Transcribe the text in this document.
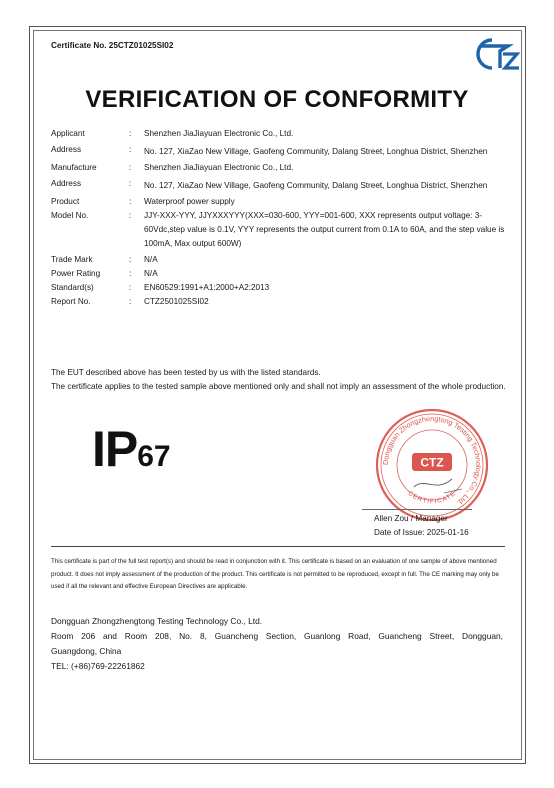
Certificate No. 25CTZ01025SI02
VERIFICATION OF CONFORMITY
Applicant	:	Shenzhen JiaJiayuan Electronic Co., Ltd.
Address	:	No. 127, XiaZao New Village, Gaofeng Community, Dalang Street, Longhua District, Shenzhen
Manufacture	:	Shenzhen JiaJiayuan Electronic Co., Ltd.
Address	:	No. 127, XiaZao New Village, Gaofeng Community, Dalang Street, Longhua District, Shenzhen
Product	:	Waterproof power supply
Model No.	:	JJY-XXX-YYY, JJYXXXYYY(XXX=030-600, YYY=001-600, XXX represents output voltage: 3-60Vdc,step value is 0.1V, YYY represents the output current from 0.1A to 60A, and the step value is 100mA, Max output 600W)
Trade Mark	:	N/A
Power Rating	:	N/A
Standard(s)	:	EN60529:1991+A1:2000+A2:2013
Report No.	:	CTZ2501025SI02
The EUT described above has been tested by us with the listed standards.
The certificate applies to the tested sample above mentioned only and shall not imply an assessment of the whole production.
IP67	Dongguan Zhongzhengtong Testing Technology Co., Ltd.
CTZ
CERTIFICATE
Allen Zou / Manager
Date of Issue: 2025-01-16
This certificate is part of the full test report(s) and should be read in conjunction with it. This certificate is based on an evaluation of one sample of above mentioned product. It does not imply assessment of the production of the product. This certificate is not permitted to be reproduced, except in full. The CE marking may only be used if all the relevant and effective European Directives are applicable.
Dongguan Zhongzhengtong Testing Technology Co., Ltd.
Room 206 and Room 208, No. 8, Guancheng Section, Guanlong Road, Guancheng Street, Dongguan,
Guangdong, China
TEL: (+86)769-22261862
